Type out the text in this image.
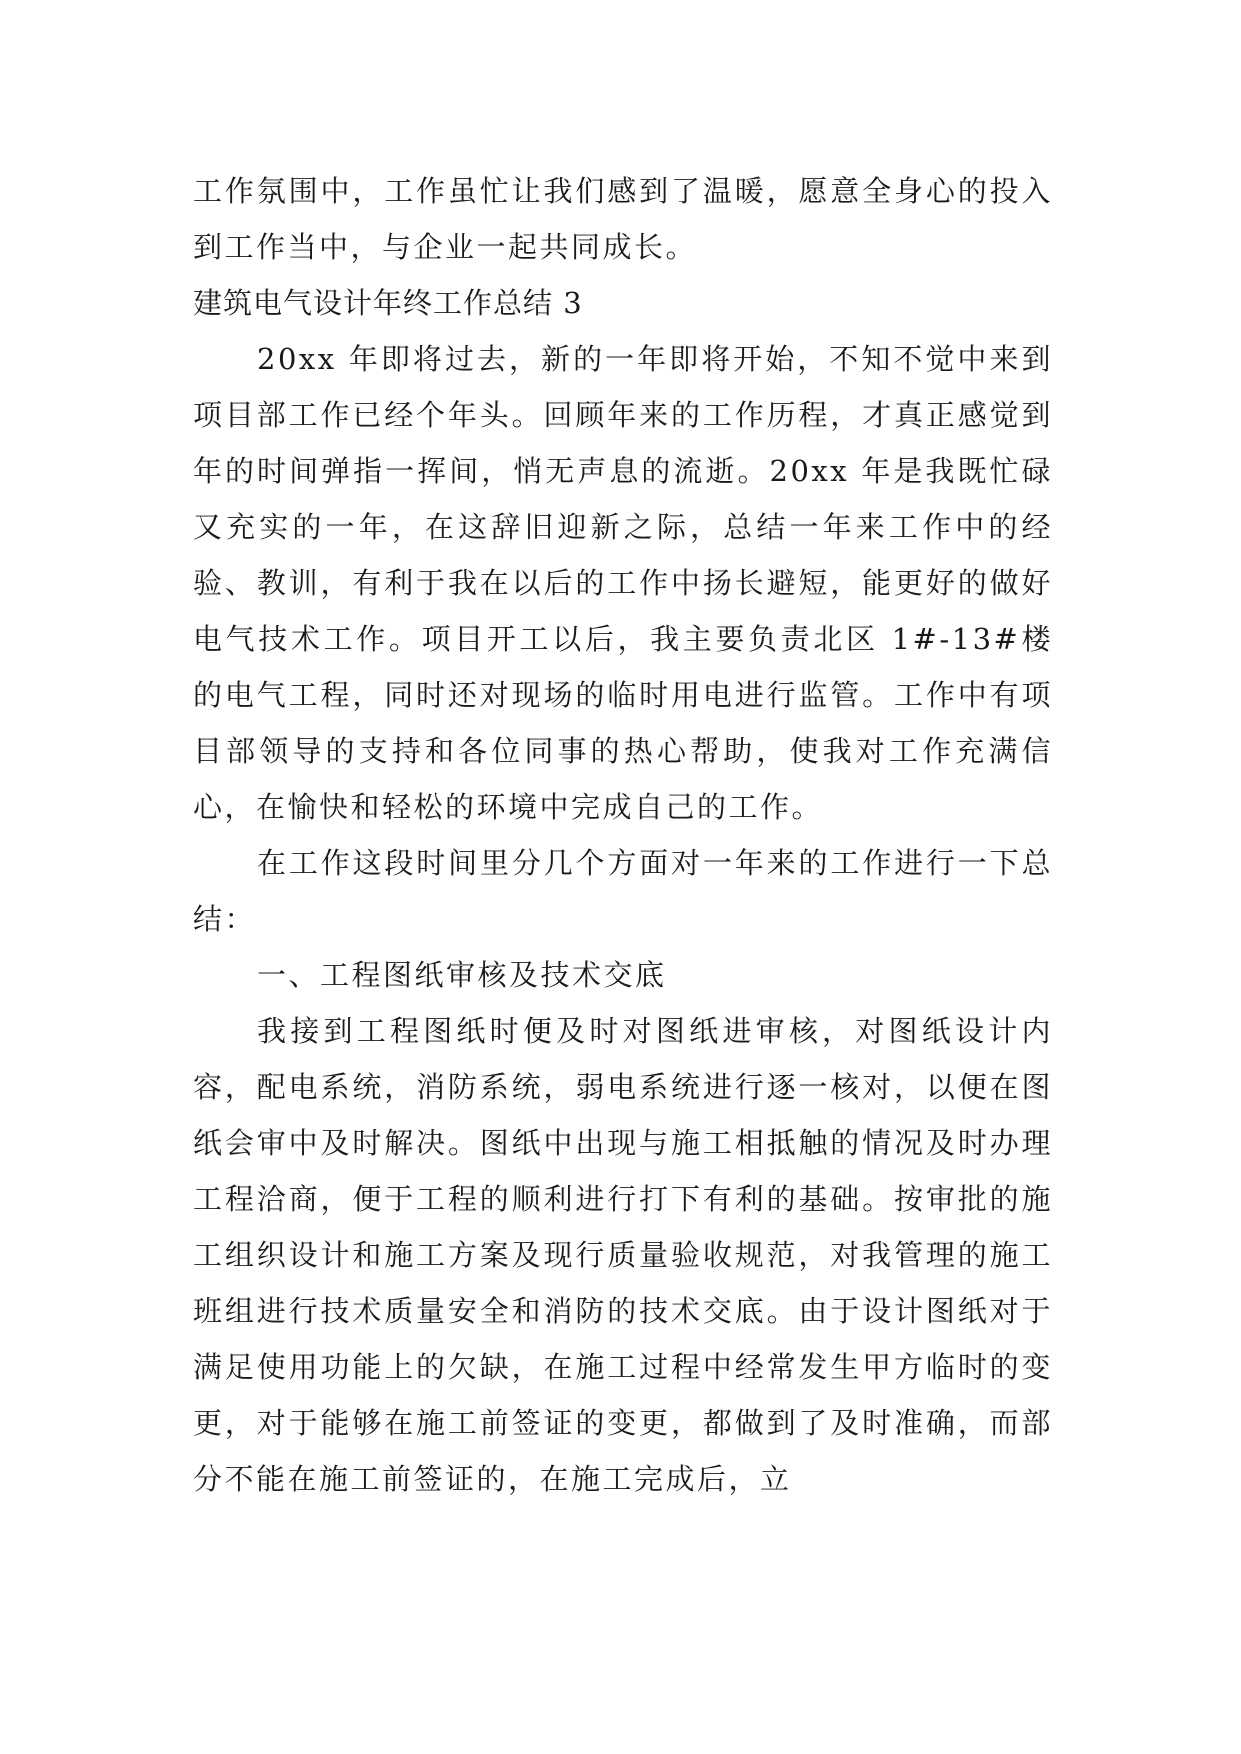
工作氛围中，工作虽忙让我们感到了温暖，愿意全身心的投入到工作当中，与企业一起共同成长。

建筑电气设计年终工作总结 3

20xx 年即将过去，新的一年即将开始，不知不觉中来到项目部工作已经个年头。回顾年来的工作历程，才真正感觉到年的时间弹指一挥间，悄无声息的流逝。20xx 年是我既忙碌又充实的一年，在这辞旧迎新之际，总结一年来工作中的经验、教训，有利于我在以后的工作中扬长避短，能更好的做好电气技术工作。项目开工以后，我主要负责北区 1#-13#楼的电气工程，同时还对现场的临时用电进行监管。工作中有项目部领导的支持和各位同事的热心帮助，使我对工作充满信心，在愉快和轻松的环境中完成自己的工作。

在工作这段时间里分几个方面对一年来的工作进行一下总结：

一、工程图纸审核及技术交底

我接到工程图纸时便及时对图纸进审核，对图纸设计内容，配电系统，消防系统，弱电系统进行逐一核对，以便在图纸会审中及时解决。图纸中出现与施工相抵触的情况及时办理工程洽商，便于工程的顺利进行打下有利的基础。按审批的施工组织设计和施工方案及现行质量验收规范，对我管理的施工班组进行技术质量安全和消防的技术交底。由于设计图纸对于满足使用功能上的欠缺，在施工过程中经常发生甲方临时的变更，对于能够在施工前签证的变更，都做到了及时准确，而部分不能在施工前签证的，在施工完成后，立
